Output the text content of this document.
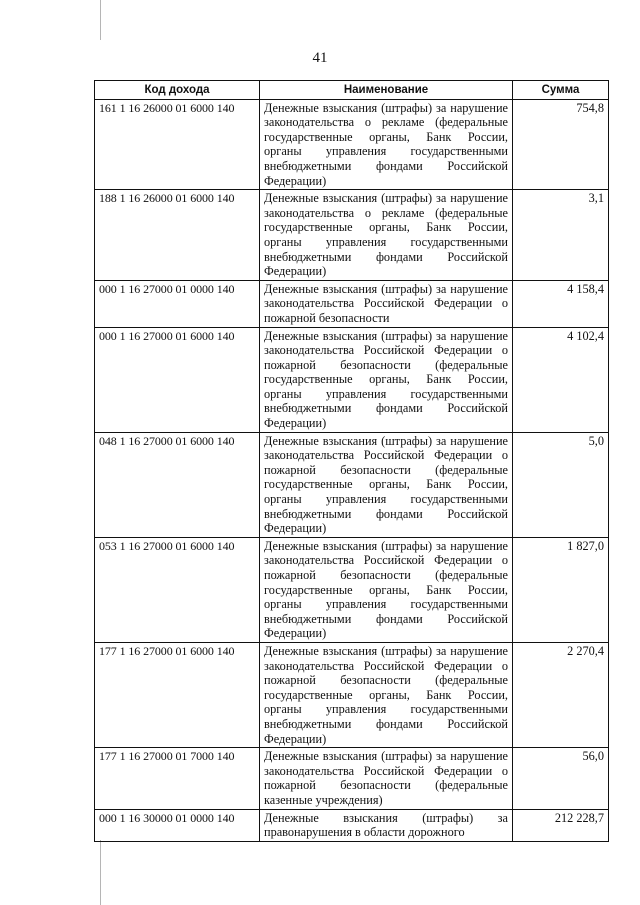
41
Код дохода	Наименование	Сумма
161 1 16 26000 01 6000 140	Денежные взыскания (штрафы) за нарушение законодательства о рекламе (федеральные государственные органы, Банк России, органы управления государственными внебюджетными фондами Российской Федерации)	754,8
188 1 16 26000 01 6000 140	Денежные взыскания (штрафы) за нарушение законодательства о рекламе (федеральные государственные органы, Банк России, органы управления государственными внебюджетными фондами Российской Федерации)	3,1
000 1 16 27000 01 0000 140	Денежные взыскания (штрафы) за нарушение законодательства Российской Федерации о пожарной безопасности	4 158,4
000 1 16 27000 01 6000 140	Денежные взыскания (штрафы) за нарушение законодательства Российской Федерации о пожарной безопасности (федеральные государственные органы, Банк России, органы управления государственными внебюджетными фондами Российской Федерации)	4 102,4
048 1 16 27000 01 6000 140	Денежные взыскания (штрафы) за нарушение законодательства Российской Федерации о пожарной безопасности (федеральные государственные органы, Банк России, органы управления государственными внебюджетными фондами Российской Федерации)	5,0
053 1 16 27000 01 6000 140	Денежные взыскания (штрафы) за нарушение законодательства Российской Федерации о пожарной безопасности (федеральные государственные органы, Банк России, органы управления государственными внебюджетными фондами Российской Федерации)	1 827,0
177 1 16 27000 01 6000 140	Денежные взыскания (штрафы) за нарушение законодательства Российской Федерации о пожарной безопасности (федеральные государственные органы, Банк России, органы управления государственными внебюджетными фондами Российской Федерации)	2 270,4
177 1 16 27000 01 7000 140	Денежные взыскания (штрафы) за нарушение законодательства Российской Федерации о пожарной безопасности (федеральные казенные учреждения)	56,0
000 1 16 30000 01 0000 140	Денежные взыскания (штрафы) за правонарушения в области дорожного	212 228,7
